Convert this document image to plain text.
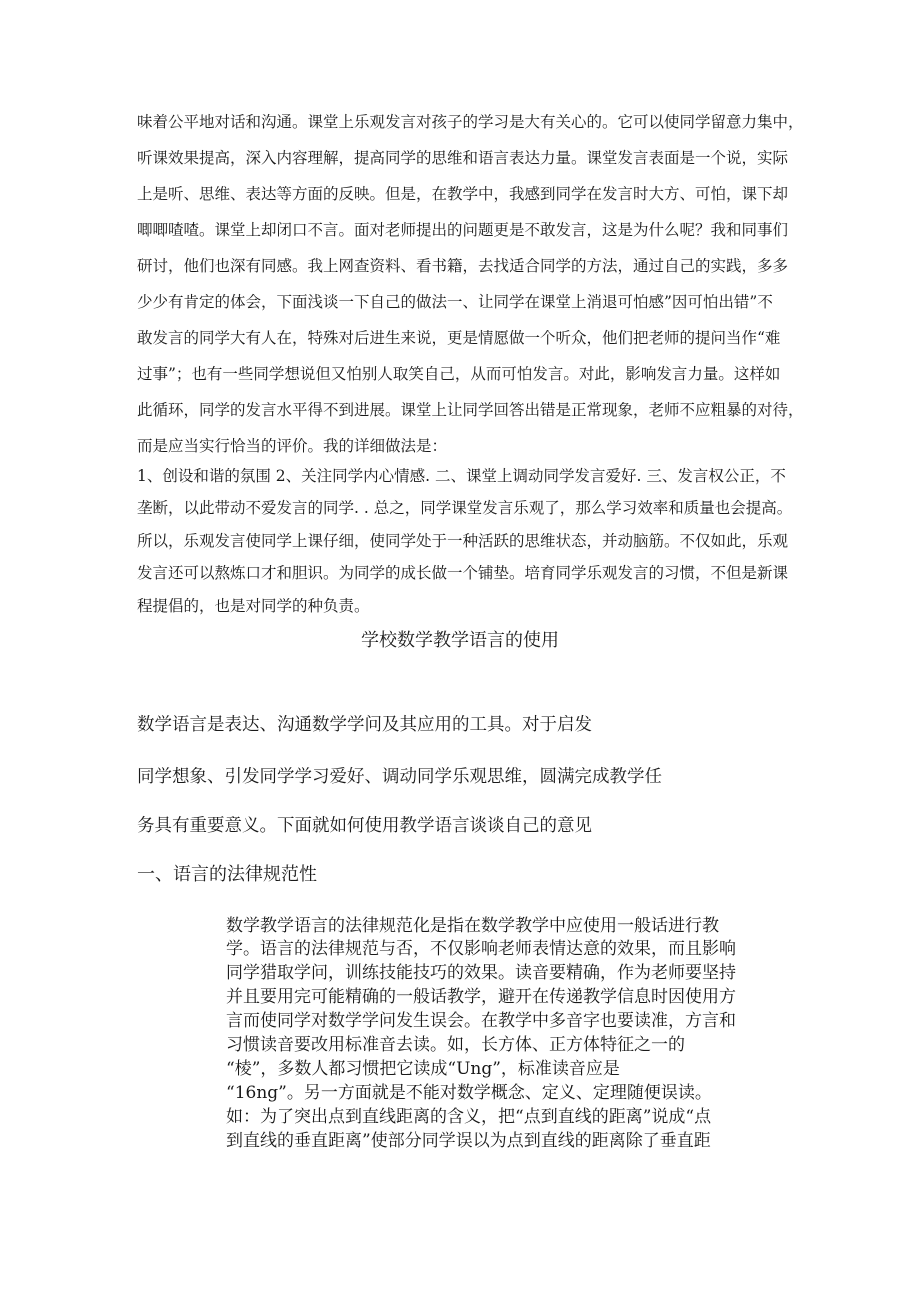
味着公平地对话和沟通。课堂上乐观发言对孩子的学习是大有关心的。它可以使同学留意力集中，
听课效果提高，深入内容理解，提高同学的思维和语言表达力量。课堂发言表面是一个说，实际
上是听、思维、表达等方面的反映。但是，在教学中，我感到同学在发言时大方、可怕，课下却
唧唧喳喳。课堂上却闭口不言。面对老师提出的问题更是不敢发言，这是为什么呢？我和同事们
研讨，他们也深有同感。我上网查资料、看书籍，去找适合同学的方法，通过自己的实践，多多
少少有肯定的体会，下面浅谈一下自己的做法一、让同学在课堂上消退可怕感”因可怕出错”不
敢发言的同学大有人在，特殊对后进生来说，更是情愿做一个听众，他们把老师的提问当作“难
过事”；也有一些同学想说但又怕别人取笑自己，从而可怕发言。对此，影响发言力量。这样如
此循环，同学的发言水平得不到进展。课堂上让同学回答出错是正常现象，老师不应粗暴的对待，
而是应当实行恰当的评价。我的详细做法是：
1、创设和谐的氛围 2、关注同学内心情感. 二、课堂上调动同学发言爱好. 三、发言权公正，不
垄断，以此带动不爱发言的同学. . 总之，同学课堂发言乐观了，那么学习效率和质量也会提高。
所以，乐观发言使同学上课仔细，使同学处于一种活跃的思维状态，并动脑筋。不仅如此，乐观
发言还可以熬炼口才和胆识。为同学的成长做一个铺垫。培育同学乐观发言的习惯，不但是新课
程提倡的，也是对同学的种负责。
学校数学教学语言的使用
数学语言是表达、沟通数学学问及其应用的工具。对于启发
同学想象、引发同学学习爱好、调动同学乐观思维，圆满完成教学任
务具有重要意义。下面就如何使用教学语言谈谈自己的意见
一、语言的法律规范性
数学教学语言的法律规范化是指在数学教学中应使用一般话进行教
学。语言的法律规范与否，不仅影响老师表情达意的效果，而且影响
同学猎取学问，训练技能技巧的效果。读音要精确，作为老师要坚持
并且要用完可能精确的一般话教学，避开在传递教学信息时因使用方
言而使同学对数学学问发生误会。在教学中多音字也要读准，方言和
习惯读音要改用标准音去读。如，长方体、正方体特征之一的
“棱”，多数人都习惯把它读成“Ung”，标准读音应是
“16ng”。另一方面就是不能对数学概念、定义、定理随便误读。
如：为了突出点到直线距离的含义，把“点到直线的距离”说成“点
到直线的垂直距离”使部分同学误以为点到直线的距离除了垂直距
